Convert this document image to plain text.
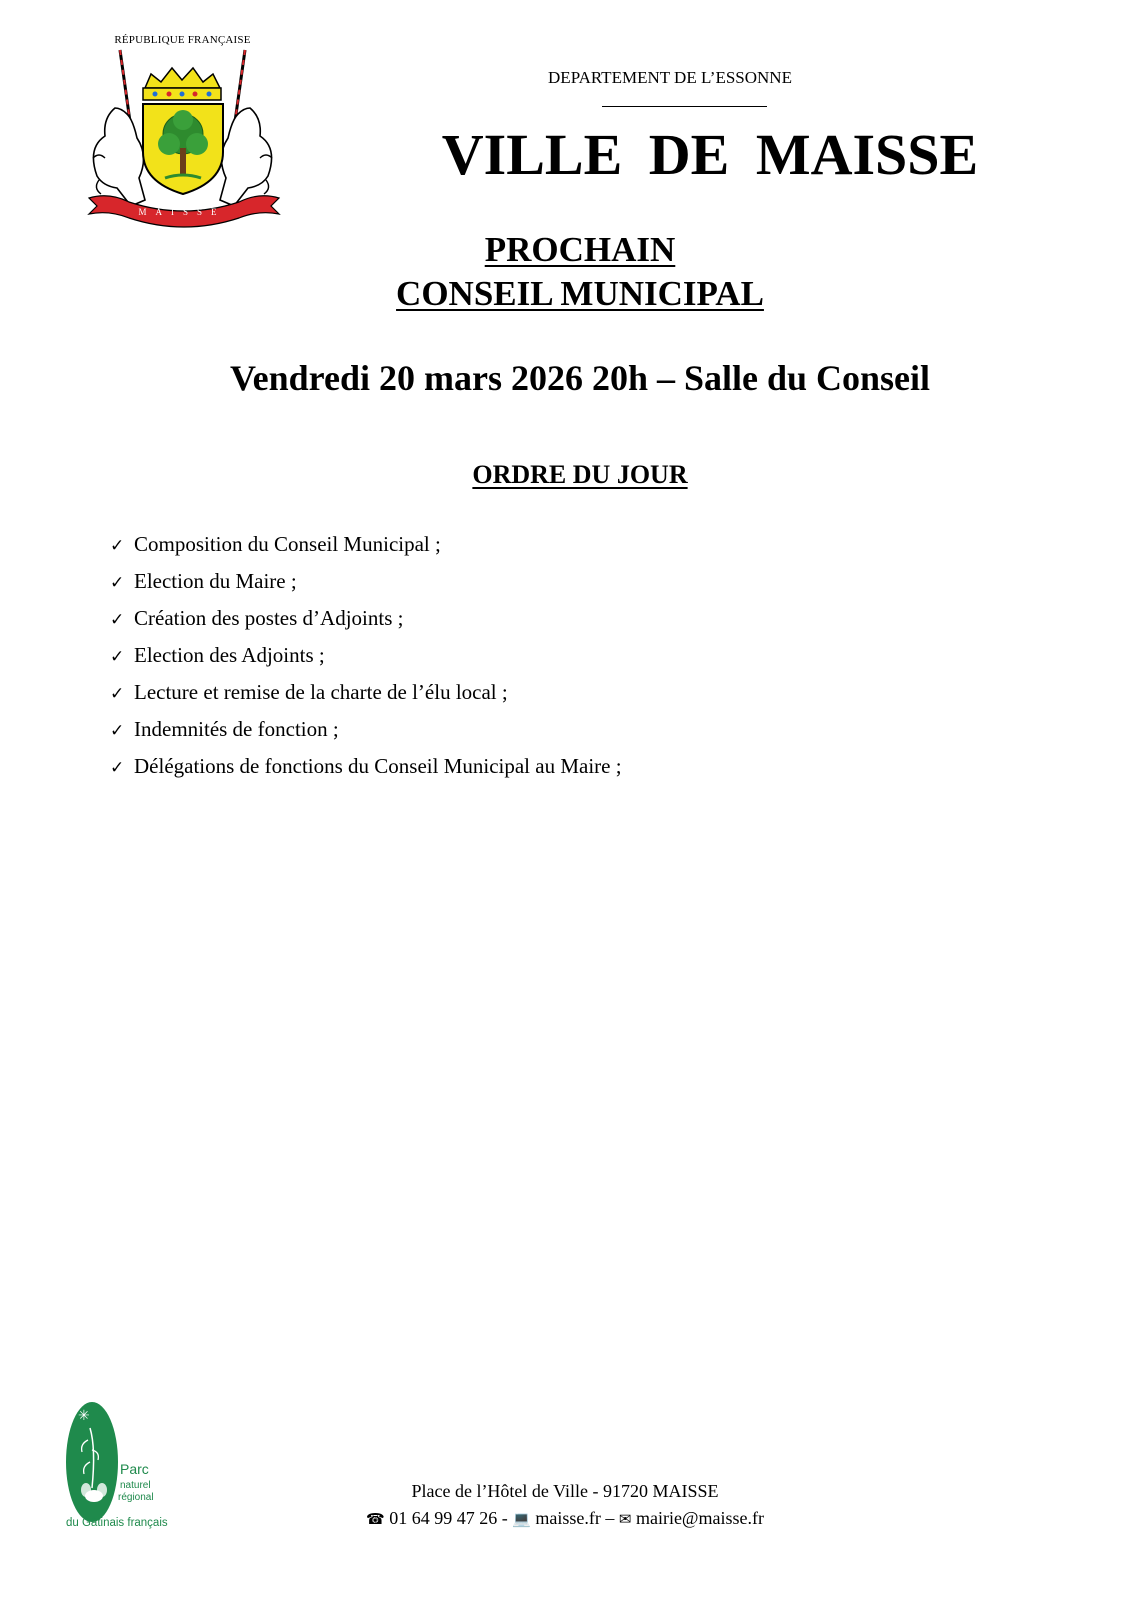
RÉPUBLIQUE FRANÇAISE
MAISSE
DEPARTEMENT DE L’ESSONNE
VILLE DE MAISSE
PROCHAIN
CONSEIL MUNICIPAL
Vendredi 20 mars 2026 20h – Salle du Conseil
ORDRE DU JOUR
✓ Composition du Conseil Municipal ;
✓ Election du Maire ;
✓ Création des postes d’Adjoints ;
✓ Election des Adjoints ;
✓ Lecture et remise de la charte de l’élu local ;
✓ Indemnités de fonction ;
✓ Délégations de fonctions du Conseil Municipal au Maire ;
✳
Parc
naturel
régional
du Gâtinais français
Place de l’Hôtel de Ville - 91720 MAISSE
☎ 01 64 99 47 26 - 💻 maisse.fr – ✉ mairie@maisse.fr
